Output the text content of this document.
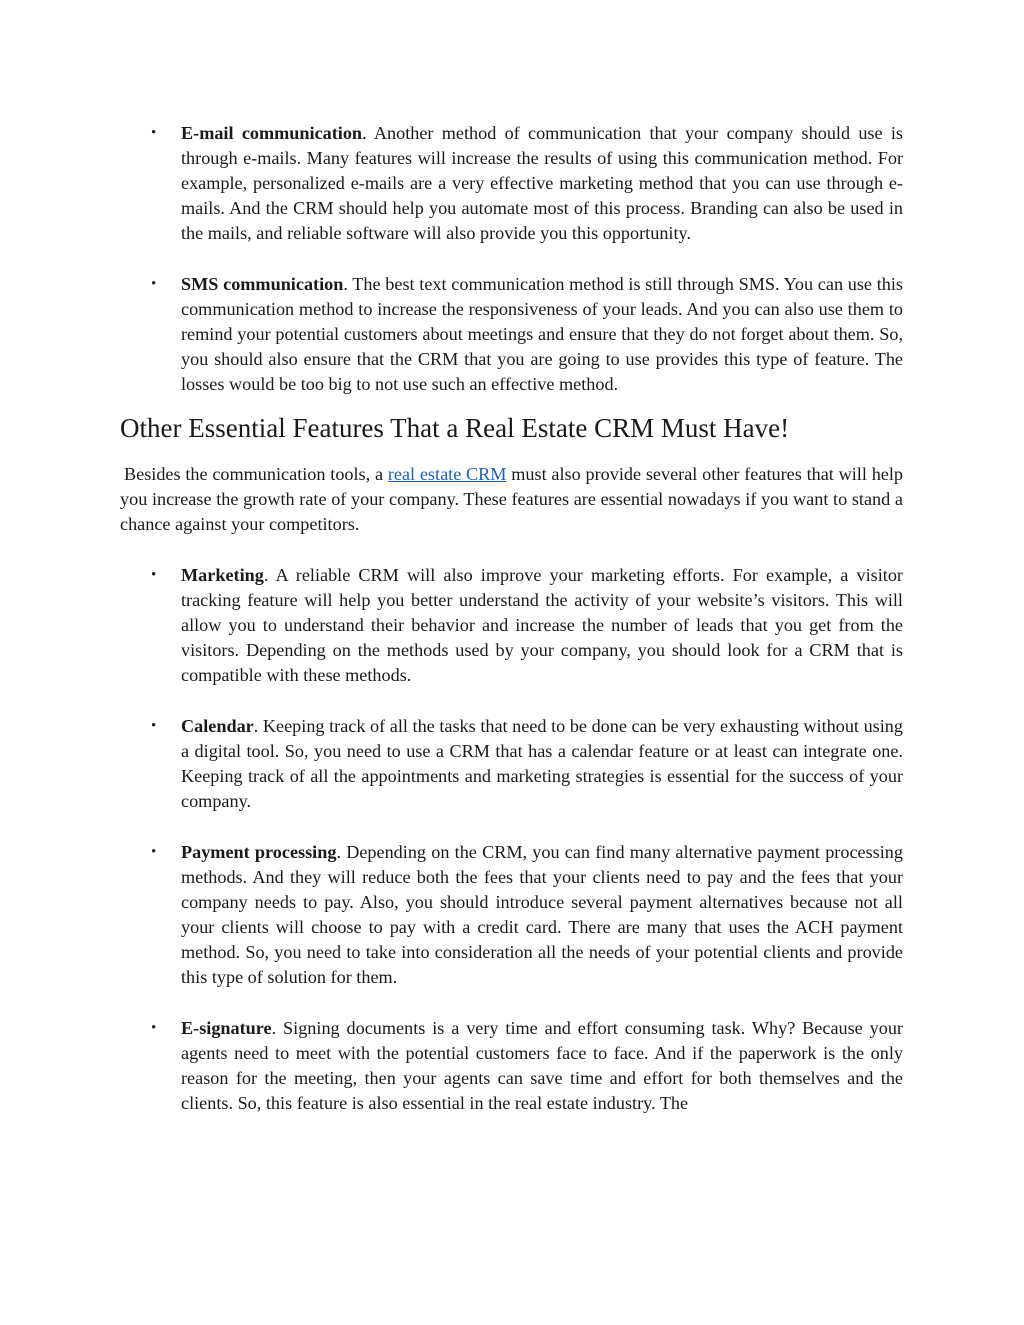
• E-mail communication. Another method of communication that your company should use is through e-mails. Many features will increase the results of using this communication method. For example, personalized e-mails are a very effective marketing method that you can use through e-mails. And the CRM should help you automate most of this process. Branding can also be used in the mails, and reliable software will also provide you this opportunity.
• SMS communication. The best text communication method is still through SMS. You can use this communication method to increase the responsiveness of your leads. And you can also use them to remind your potential customers about meetings and ensure that they do not forget about them. So, you should also ensure that the CRM that you are going to use provides this type of feature. The losses would be too big to not use such an effective method.
Other Essential Features That a Real Estate CRM Must Have!

Besides the communication tools, a real estate CRM must also provide several other features that will help you increase the growth rate of your company. These features are essential nowadays if you want to stand a chance against your competitors.

• Marketing. A reliable CRM will also improve your marketing efforts. For example, a visitor tracking feature will help you better understand the activity of your website’s visitors. This will allow you to understand their behavior and increase the number of leads that you get from the visitors. Depending on the methods used by your company, you should look for a CRM that is compatible with these methods.
• Calendar. Keeping track of all the tasks that need to be done can be very exhausting without using a digital tool. So, you need to use a CRM that has a calendar feature or at least can integrate one. Keeping track of all the appointments and marketing strategies is essential for the success of your company.
• Payment processing. Depending on the CRM, you can find many alternative payment processing methods. And they will reduce both the fees that your clients need to pay and the fees that your company needs to pay. Also, you should introduce several payment alternatives because not all your clients will choose to pay with a credit card. There are many that uses the ACH payment method. So, you need to take into consideration all the needs of your potential clients and provide this type of solution for them.
• E-signature. Signing documents is a very time and effort consuming task. Why? Because your agents need to meet with the potential customers face to face. And if the paperwork is the only reason for the meeting, then your agents can save time and effort for both themselves and the clients. So, this feature is also essential in the real estate industry. The
